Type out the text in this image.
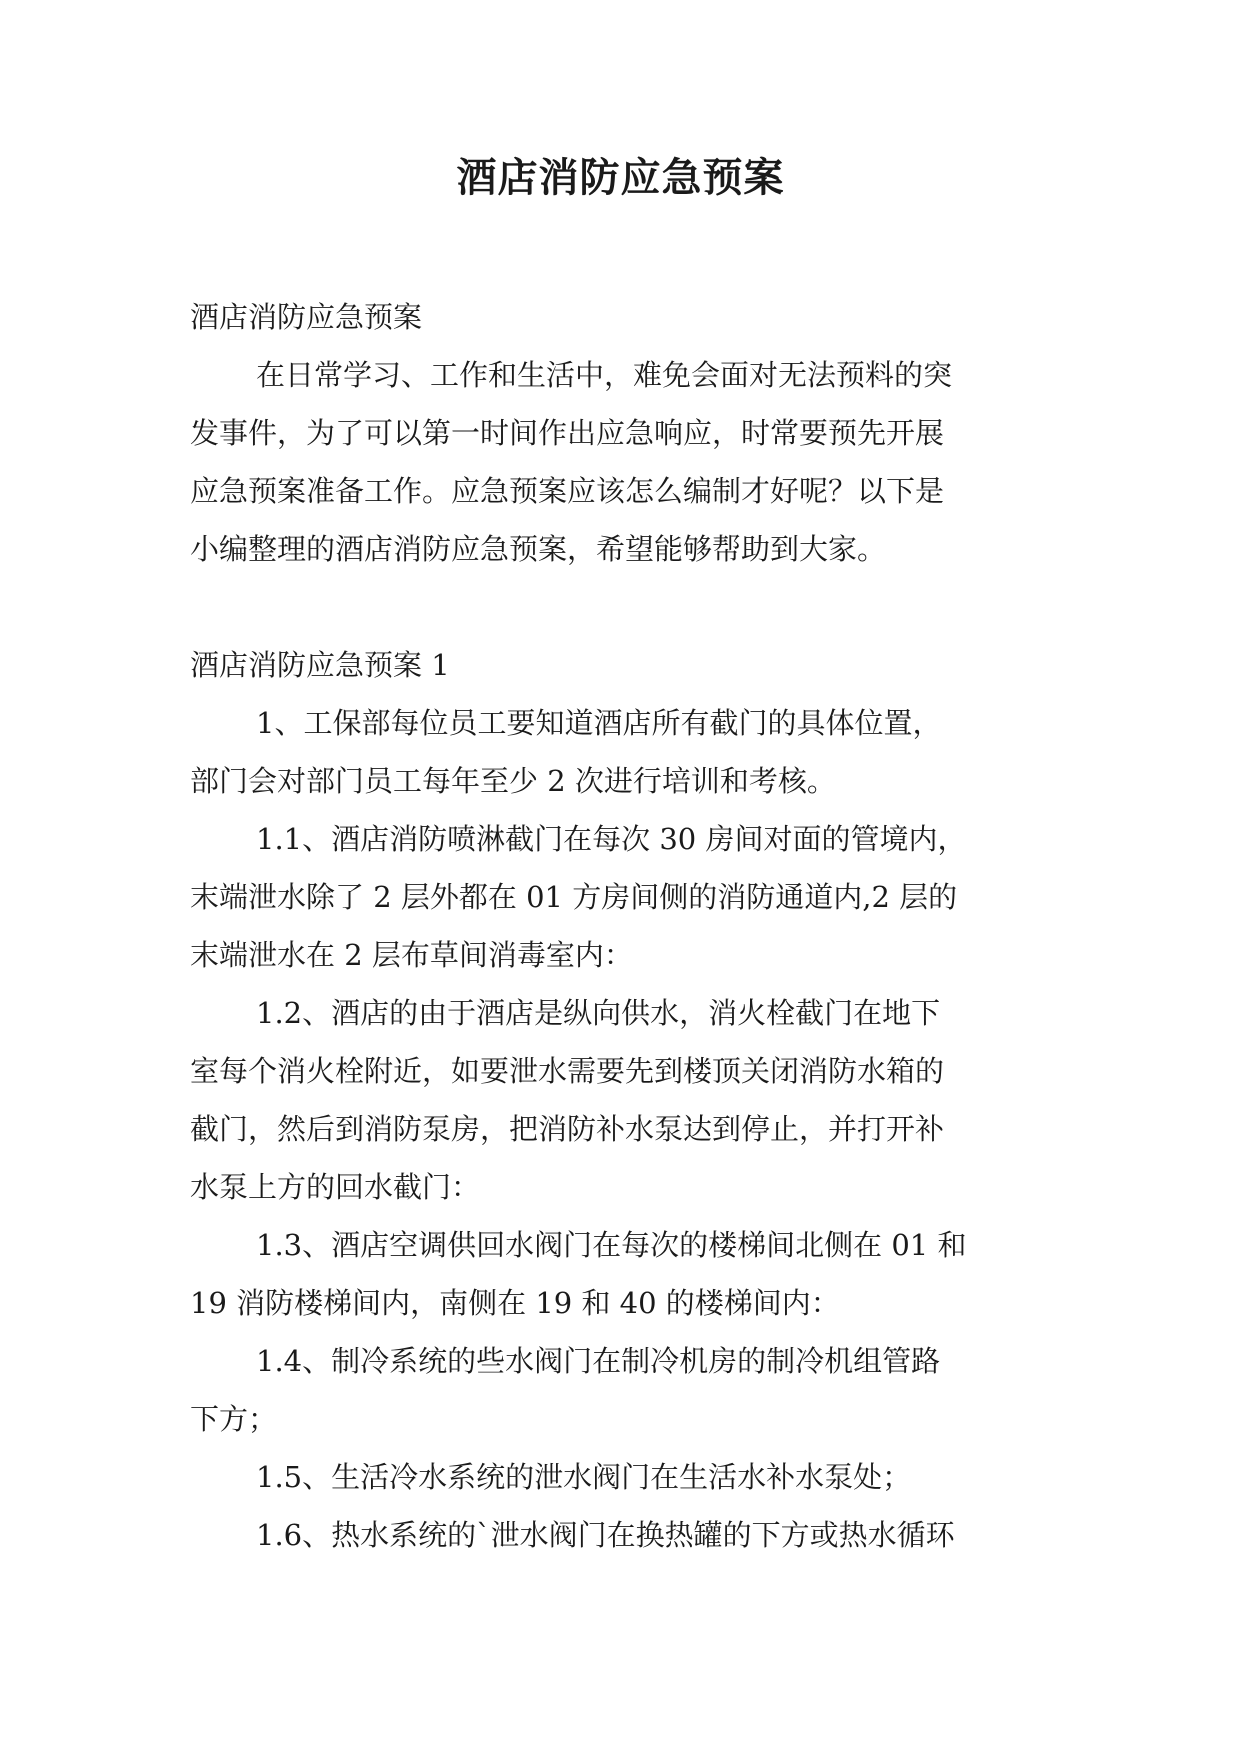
酒店消防应急预案

酒店消防应急预案

在日常学习、工作和生活中，难免会面对无法预料的突

发事件，为了可以第一时间作出应急响应，时常要预先开展

应急预案准备工作。应急预案应该怎么编制才好呢？以下是

小编整理的酒店消防应急预案，希望能够帮助到大家。

酒店消防应急预案 1

1、工保部每位员工要知道酒店所有截门的具体位置，

部门会对部门员工每年至少 2 次进行培训和考核。

1.1、酒店消防喷淋截门在每次 30 房间对面的管境内，

末端泄水除了 2 层外都在 01 方房间侧的消防通道内,2 层的

末端泄水在 2 层布草间消毒室内：

1.2、酒店的由于酒店是纵向供水，消火栓截门在地下

室每个消火栓附近，如要泄水需要先到楼顶关闭消防水箱的

截门，然后到消防泵房，把消防补水泵达到停止，并打开补

水泵上方的回水截门：

1.3、酒店空调供回水阀门在每次的楼梯间北侧在 01 和

19 消防楼梯间内，南侧在 19 和 40 的楼梯间内：

1.4、制冷系统的些水阀门在制冷机房的制冷机组管路

下方；

1.5、生活冷水系统的泄水阀门在生活水补水泵处；

1.6、热水系统的`泄水阀门在换热罐的下方或热水循环
